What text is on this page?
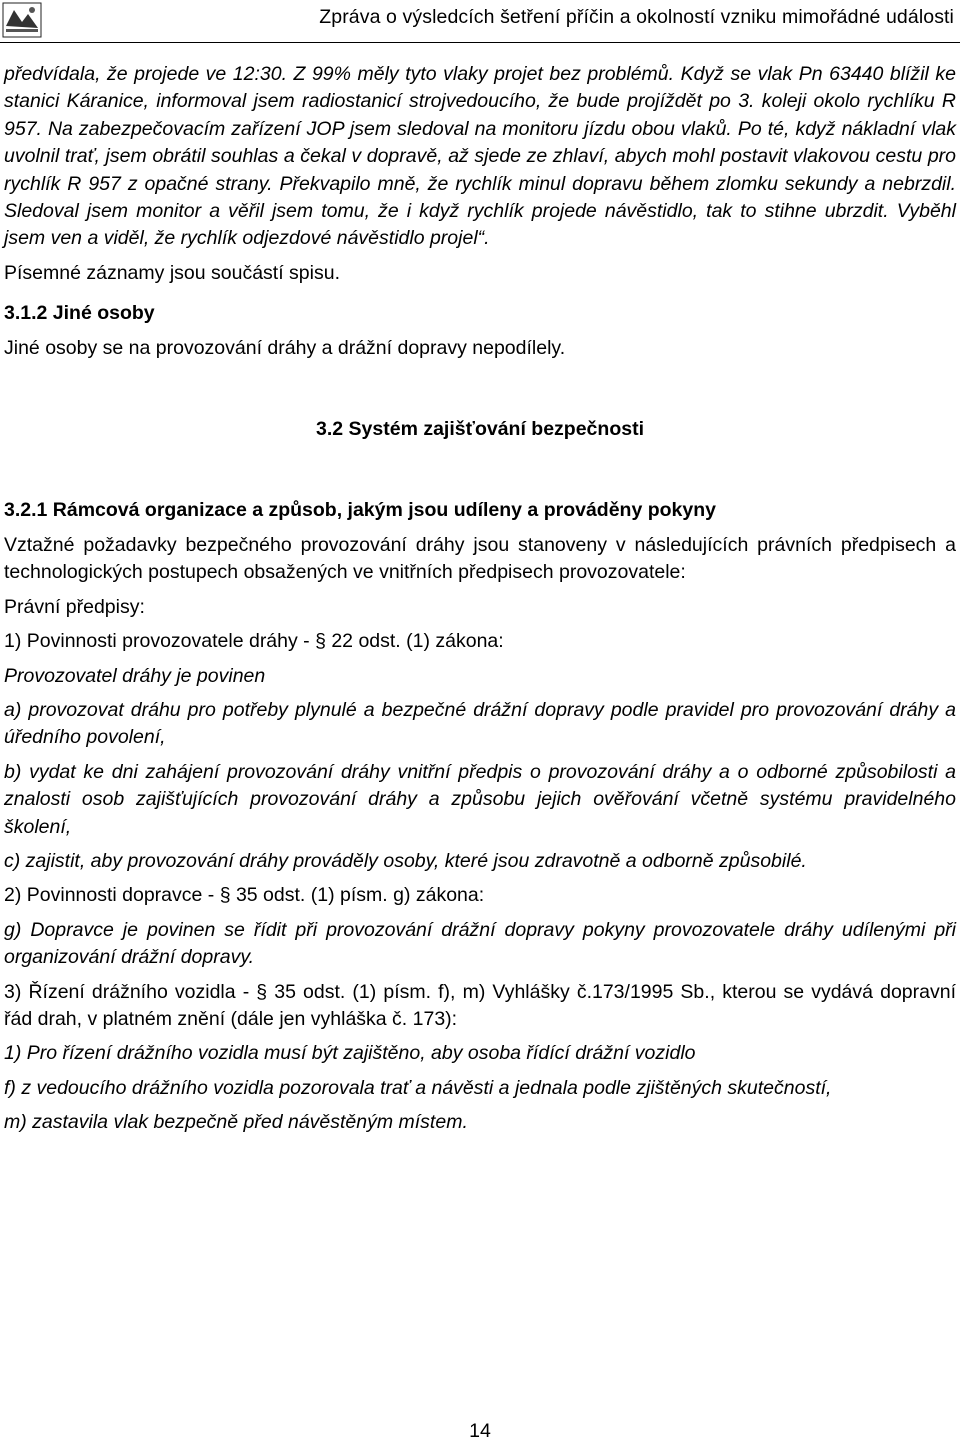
Zpráva o výsledcích šetření příčin a okolností vzniku mimořádné události

předvídala, že projede ve 12:30. Z 99% měly tyto vlaky projet bez problémů. Když se vlak Pn 63440 blížil ke stanici Káranice, informoval jsem radiostanicí strojvedoucího, že bude projíždět po 3. koleji okolo rychlíku R 957. Na zabezpečovacím zařízení JOP jsem sledoval na monitoru jízdu obou vlaků. Po té, když nákladní vlak uvolnil trať, jsem obrátil souhlas a čekal v dopravě, až sjede ze zhlaví, abych mohl postavit vlakovou cestu pro rychlík R 957 z opačné strany. Překvapilo mně, že rychlík minul dopravu během zlomku sekundy a nebrzdil. Sledoval jsem monitor a věřil jsem tomu, že i když rychlík projede návěstidlo, tak to stihne ubrzdit. Vyběhl jsem ven a viděl, že rychlík odjezdové návěstidlo projel“.

Písemné záznamy jsou součástí spisu.

3.1.2 Jiné osoby

Jiné osoby se na provozování dráhy a drážní dopravy nepodílely.

3.2 Systém zajišťování bezpečnosti

3.2.1 Rámcová organizace a způsob, jakým jsou udíleny a prováděny pokyny

Vztažné požadavky bezpečného provozování dráhy jsou stanoveny v následujících právních předpisech a technologických postupech obsažených ve vnitřních předpisech provozovatele:

Právní předpisy:

1) Povinnosti provozovatele dráhy - § 22 odst. (1) zákona:

Provozovatel dráhy je povinen

a) provozovat dráhu pro potřeby plynulé a bezpečné drážní dopravy podle pravidel pro provozování dráhy a úředního povolení,

b) vydat ke dni zahájení provozování dráhy vnitřní předpis o provozování dráhy a o odborné způsobilosti a znalosti osob zajišťujících provozování dráhy a způsobu jejich ověřování včetně systému pravidelného školení,

c) zajistit, aby provozování dráhy prováděly osoby, které jsou zdravotně a odborně způsobilé.

2) Povinnosti dopravce - § 35 odst. (1) písm. g) zákona:

g) Dopravce je povinen se řídit při provozování drážní dopravy pokyny provozovatele dráhy udílenými při organizování drážní dopravy.

3) Řízení drážního vozidla - § 35 odst. (1) písm. f), m) Vyhlášky č.173/1995 Sb., kterou se vydává dopravní řád drah, v platném znění (dále jen vyhláška č. 173):

1) Pro řízení drážního vozidla musí být zajištěno, aby osoba řídící drážní vozidlo

f) z vedoucího drážního vozidla pozorovala trať a návěsti a jednala podle zjištěných skutečností,

m) zastavila vlak bezpečně před návěstěným místem.

14
